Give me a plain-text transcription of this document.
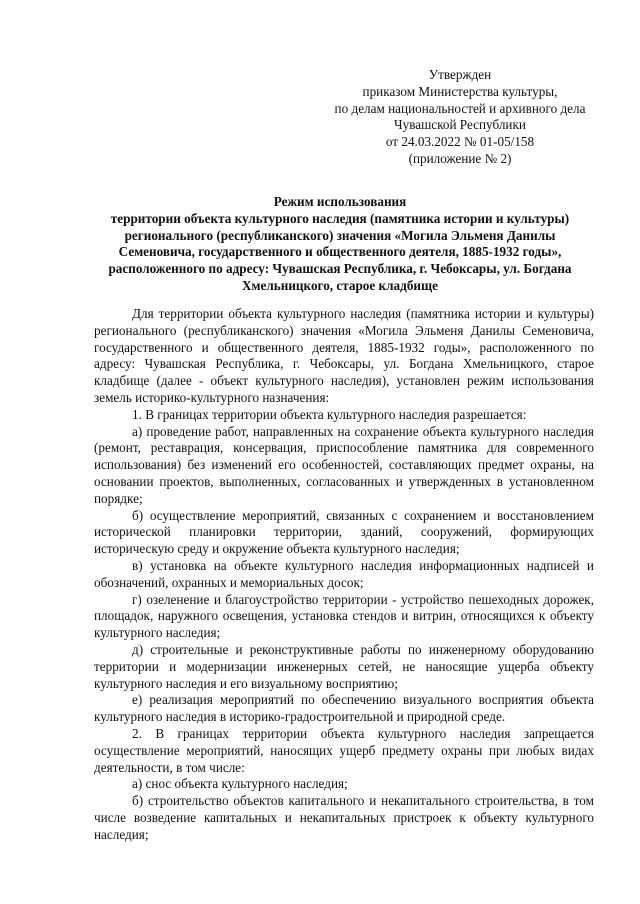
Утвержден
приказом Министерства культуры,
по делам национальностей и архивного дела
Чувашской Республики
от 24.03.2022 № 01-05/158
(приложение № 2)
Режим использования
территории объекта культурного наследия (памятника истории и культуры)
регионального (республиканского) значения «Могила Эльменя Данилы
Семеновича, государственного и общественного деятеля, 1885-1932 годы»,
расположенного по адресу: Чувашская Республика, г. Чебоксары, ул. Богдана
Хмельницкого, старое кладбище

Для территории объекта культурного наследия (памятника истории и культуры) регионального (республиканского) значения «Могила Эльменя Данилы Семеновича, государственного и общественного деятеля, 1885-1932 годы», расположенного по адресу: Чувашская Республика, г. Чебоксары, ул. Богдана Хмельницкого, старое кладбище (далее - объект культурного наследия), установлен режим использования земель историко-культурного назначения:

1. В границах территории объекта культурного наследия разрешается:

а) проведение работ, направленных на сохранение объекта культурного наследия (ремонт, реставрация, консервация, приспособление памятника для современного использования) без изменений его особенностей, составляющих предмет охраны, на основании проектов, выполненных, согласованных и утвержденных в установленном порядке;

б) осуществление мероприятий, связанных с сохранением и восстановлением исторической планировки территории, зданий, сооружений, формирующих историческую среду и окружение объекта культурного наследия;

в) установка на объекте культурного наследия информационных надписей и обозначений, охранных и мемориальных досок;

г) озеленение и благоустройство территории - устройство пешеходных дорожек, площадок, наружного освещения, установка стендов и витрин, относящихся к объекту культурного наследия;

д) строительные и реконструктивные работы по инженерному оборудованию территории и модернизации инженерных сетей, не наносящие ущерба объекту культурного наследия и его визуальному восприятию;

е) реализация мероприятий по обеспечению визуального восприятия объекта культурного наследия в историко-градостроительной и природной среде.

2. В границах территории объекта культурного наследия запрещается осуществление мероприятий, наносящих ущерб предмету охраны при любых видах деятельности, в том числе:

а) снос объекта культурного наследия;

б) строительство объектов капитального и некапитального строительства, в том числе возведение капитальных и некапитальных пристроек к объекту культурного наследия;
